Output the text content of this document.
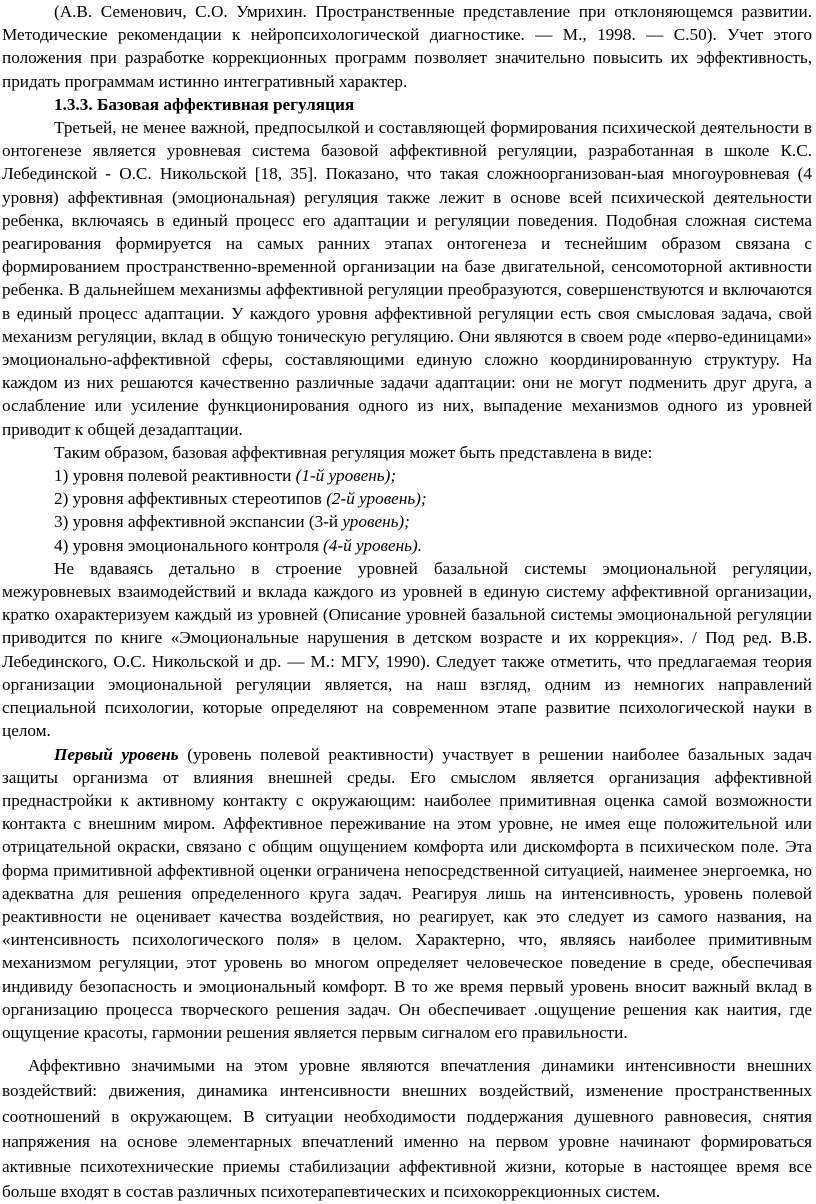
(А.В. Семенович, С.О. Умрихин. Пространственные представление при отклоняющемся развитии. Методические рекомендации к нейропсихологической диагностике. — М., 1998. — С.50). Учет этого положения при разработке коррекционных программ позволяет значительно повысить их эффективность, придать программам истинно интегративный характер.

1.3.3. Базовая аффективная регуляция

Третьей, не менее важной, предпосылкой и составляющей формирования психической деятельности в онтогенезе является уровневая система базовой аффективной регуляции, разработанная в школе К.С. Лебединской - О.С. Никольской [18, 35]. Показано, что такая сложноорганизован-ыая многоуровневая (4 уровня) аффективная (эмоциональная) регуляция также лежит в основе всей психической деятельности ребенка, включаясь в единый процесс его адаптации и регуляции поведения. Подобная сложная система реагирования формируется на самых ранних этапах онтогенеза и теснейшим образом связана с формированием пространственно-временной организации на базе двигательной, сенсомоторной активности ребенка. В дальнейшем механизмы аффективной регуляции преобразуются, совершенствуются и включаются в единый процесс адаптации. У каждого уровня аффективной регуляции есть своя смысловая задача, свой механизм регуляции, вклад в общую тоническую регуляцию. Они являются в своем роде «перво-единицами» эмоционально-аффективной сферы, составляющими единую сложно координированную структуру. На каждом из них решаются качественно различные задачи адаптации: они не могут подменить друг друга, а ослабление или усиление функционирования одного из них, выпадение механизмов одного из уровней приводит к общей дезадаптации.

Таким образом, базовая аффективная регуляция может быть представлена в виде:

1) уровня полевой реактивности (1-й уровень);

2) уровня аффективных стереотипов (2-й уровень);

3) уровня аффективной экспансии (3-й уровень);

4) уровня эмоционального контроля (4-й уровень).

Не вдаваясь детально в строение уровней базальной системы эмоциональной регуляции, межуровневых взаимодействий и вклада каждого из уровней в единую систему аффективной организации, кратко охарактеризуем каждый из уровней (Описание уровней базальной системы эмоциональной регуляции приводится по книге «Эмоциональные нарушения в детском возрасте и их коррекция». / Под ред. В.В. Лебединского, О.С. Никольской и др. — М.: МГУ, 1990). Следует также отметить, что предлагаемая теория организации эмоциональной регуляции является, на наш взгляд, одним из немногих направлений специальной психологии, которые определяют на современном этапе развитие психологической науки в целом.

Первый уровень (уровень полевой реактивности) участвует в решении наиболее базальных задач защиты организма от влияния внешней среды. Его смыслом является организация аффективной преднастройки к активному контакту с окружающим: наиболее примитивная оценка самой возможности контакта с внешним миром. Аффективное переживание на этом уровне, не имея еще положительной или отрицательной окраски, связано с общим ощущением комфорта или дискомфорта в психическом поле. Эта форма примитивной аффективной оценки ограничена непосредственной ситуацией, наименее энергоемка, но адекватна для решения определенного круга задач. Реагируя лишь на интенсивность, уровень полевой реактивности не оценивает качества воздействия, но реагирует, как это следует из самого названия, на «интенсивность психологического поля» в целом. Характерно, что, являясь наиболее примитивным механизмом регуляции, этот уровень во многом определяет человеческое поведение в среде, обеспечивая индивиду безопасность и эмоциональный комфорт. В то же время первый уровень вносит важный вклад в организацию процесса творческого решения задач. Он обеспечивает .ощущение решения как наития, где ощущение красоты, гармонии решения является первым сигналом его правильности.

Аффективно значимыми на этом уровне являются впечатления динамики интенсивности внешних воздействий: движения, динамика интенсивности внешних воздействий, изменение пространственных соотношений в окружающем. В ситуации необходимости поддержания душевного равновесия, снятия напряжения на основе элементарных впечатлений именно на первом уровне начинают формироваться активные психотехнические приемы стабилизации аффективной жизни, которые в настоящее время все больше входят в состав различных психотерапевтических и психокоррекционных систем.
